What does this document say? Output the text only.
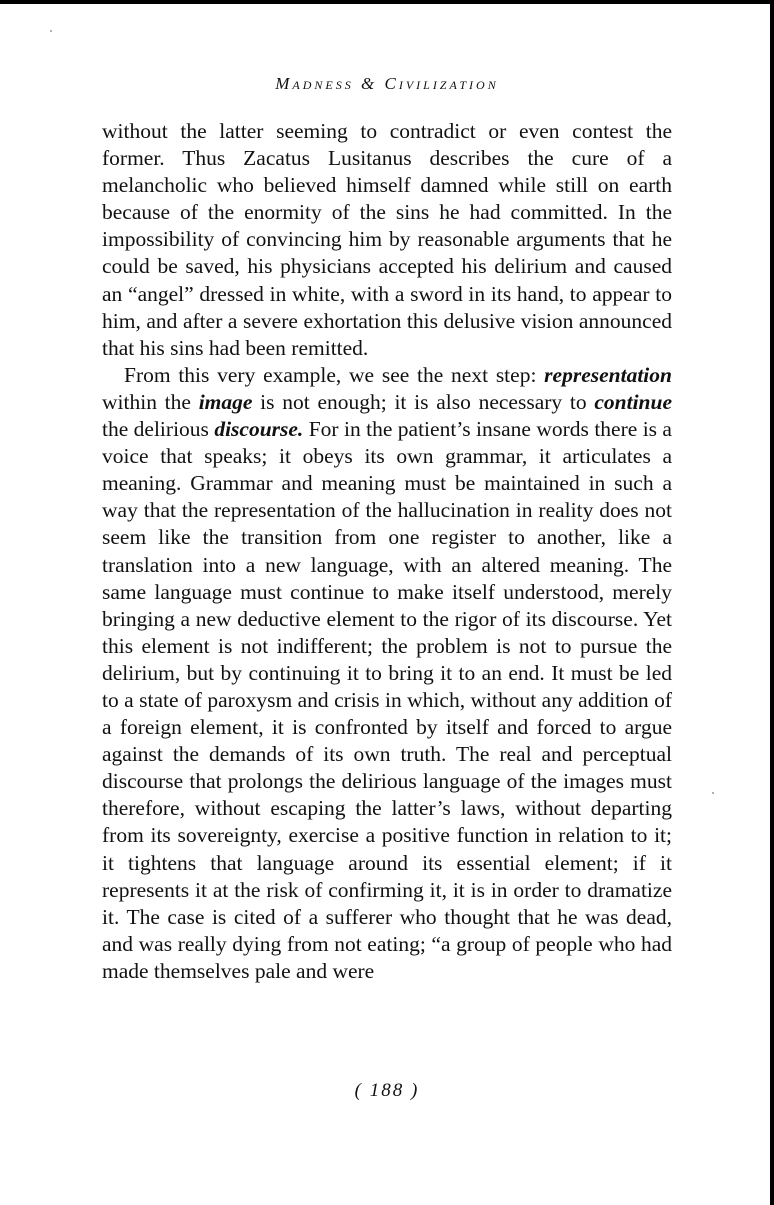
Madness & Civilization

without the latter seeming to contradict or even contest the former. Thus Zacatus Lusitanus describes the cure of a melancholic who believed himself damned while still on earth because of the enormity of the sins he had committed. In the impossibility of convincing him by reasonable arguments that he could be saved, his physicians accepted his delirium and caused an “angel” dressed in white, with a sword in its hand, to appear to him, and after a severe exhortation this delusive vision announced that his sins had been remitted.

From this very example, we see the next step: representation within the image is not enough; it is also necessary to continue the delirious discourse. For in the patient’s insane words there is a voice that speaks; it obeys its own grammar, it articulates a meaning. Grammar and meaning must be maintained in such a way that the representation of the hallucination in reality does not seem like the transition from one register to another, like a translation into a new language, with an altered meaning. The same language must continue to make itself understood, merely bringing a new deductive element to the rigor of its discourse. Yet this element is not indifferent; the problem is not to pursue the delirium, but by continuing it to bring it to an end. It must be led to a state of paroxysm and crisis in which, without any addition of a foreign element, it is confronted by itself and forced to argue against the demands of its own truth. The real and perceptual discourse that prolongs the delirious language of the images must therefore, without escaping the latter’s laws, without departing from its sovereignty, exercise a positive function in relation to it; it tightens that language around its essential element; if it represents it at the risk of confirming it, it is in order to dramatize it. The case is cited of a sufferer who thought that he was dead, and was really dying from not eating; “a group of people who had made themselves pale and were

( 188 )
